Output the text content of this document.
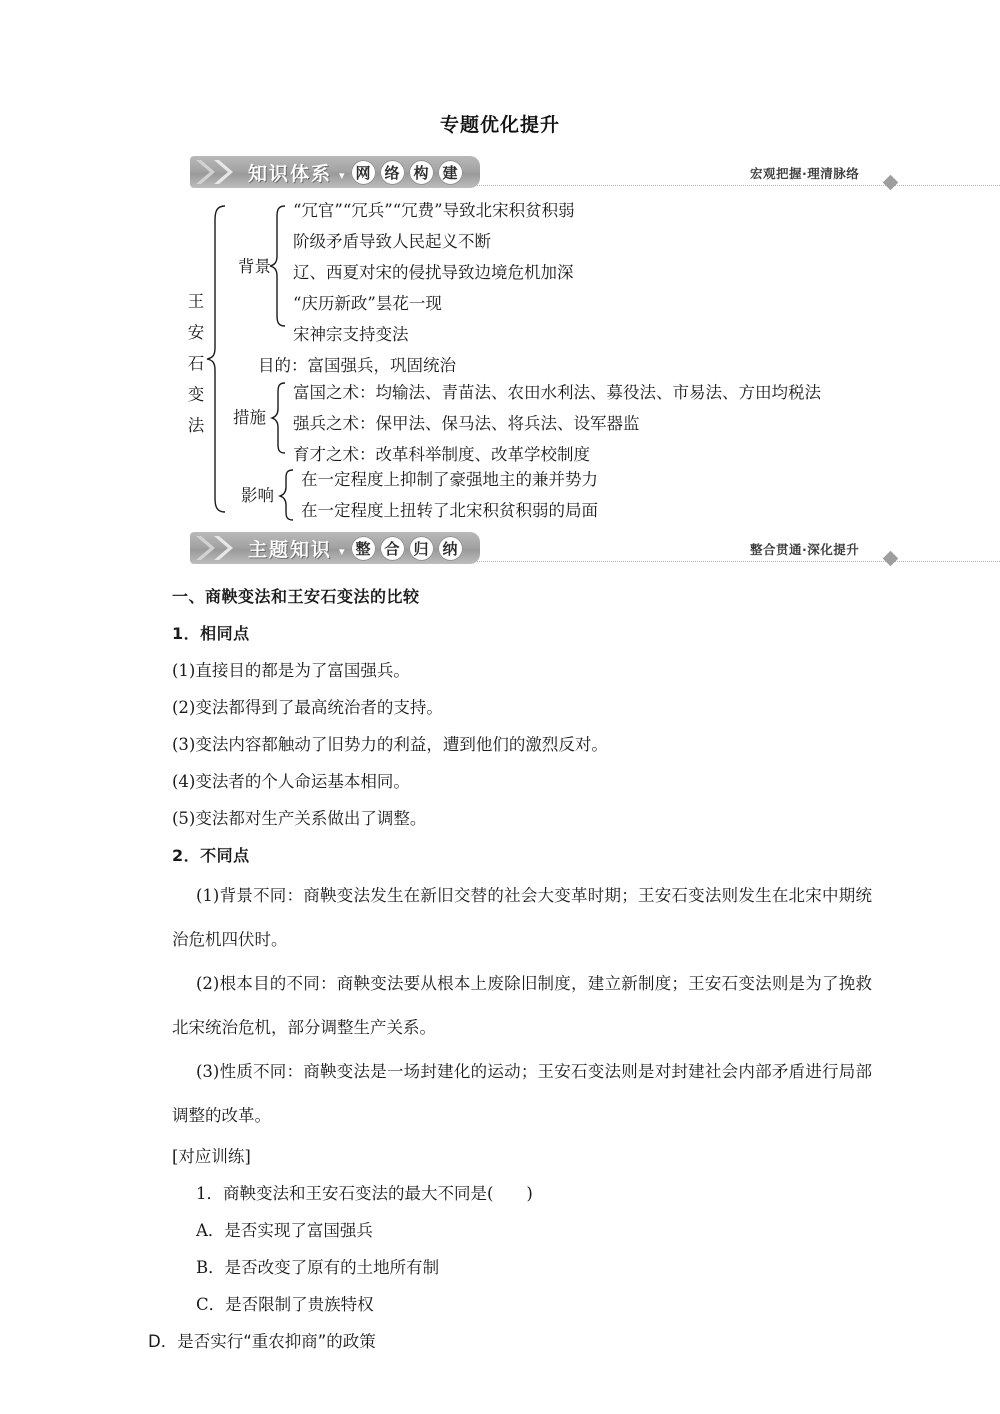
专题优化提升
知识体系 ▾ 网 络 构 建	宏观把握·理清脉络
王
安
石
变
法
背景
“冗官”“冗兵”“冗费”导致北宋积贫积弱
阶级矛盾导致人民起义不断
辽、西夏对宋的侵扰导致边境危机加深
“庆历新政”昙花一现
宋神宗支持变法
目的：富国强兵，巩固统治
措施
富国之术：均输法、青苗法、农田水利法、募役法、市易法、方田均税法
强兵之术：保甲法、保马法、将兵法、设军器监
育才之术：改革科举制度、改革学校制度
影响
在一定程度上抑制了豪强地主的兼并势力
在一定程度上扭转了北宋积贫积弱的局面
主题知识 ▾ 整 合 归 纳	整合贯通·深化提升

一、商鞅变法和王安石变法的比较

1．相同点

(1)直接目的都是为了富国强兵。

(2)变法都得到了最高统治者的支持。

(3)变法内容都触动了旧势力的利益，遭到他们的激烈反对。

(4)变法者的个人命运基本相同。

(5)变法都对生产关系做出了调整。

2．不同点

(1)背景不同：商鞅变法发生在新旧交替的社会大变革时期；王安石变法则发生在北宋中期统治危机四伏时。

(2)根本目的不同：商鞅变法要从根本上废除旧制度，建立新制度；王安石变法则是为了挽救北宋统治危机，部分调整生产关系。

(3)性质不同：商鞅变法是一场封建化的运动；王安石变法则是对封建社会内部矛盾进行局部调整的改革。

[对应训练]

1．商鞅变法和王安石变法的最大不同是(　　)

A．是否实现了富国强兵

B．是否改变了原有的土地所有制

C．是否限制了贵族特权

D．是否实行“重农抑商”的政策
